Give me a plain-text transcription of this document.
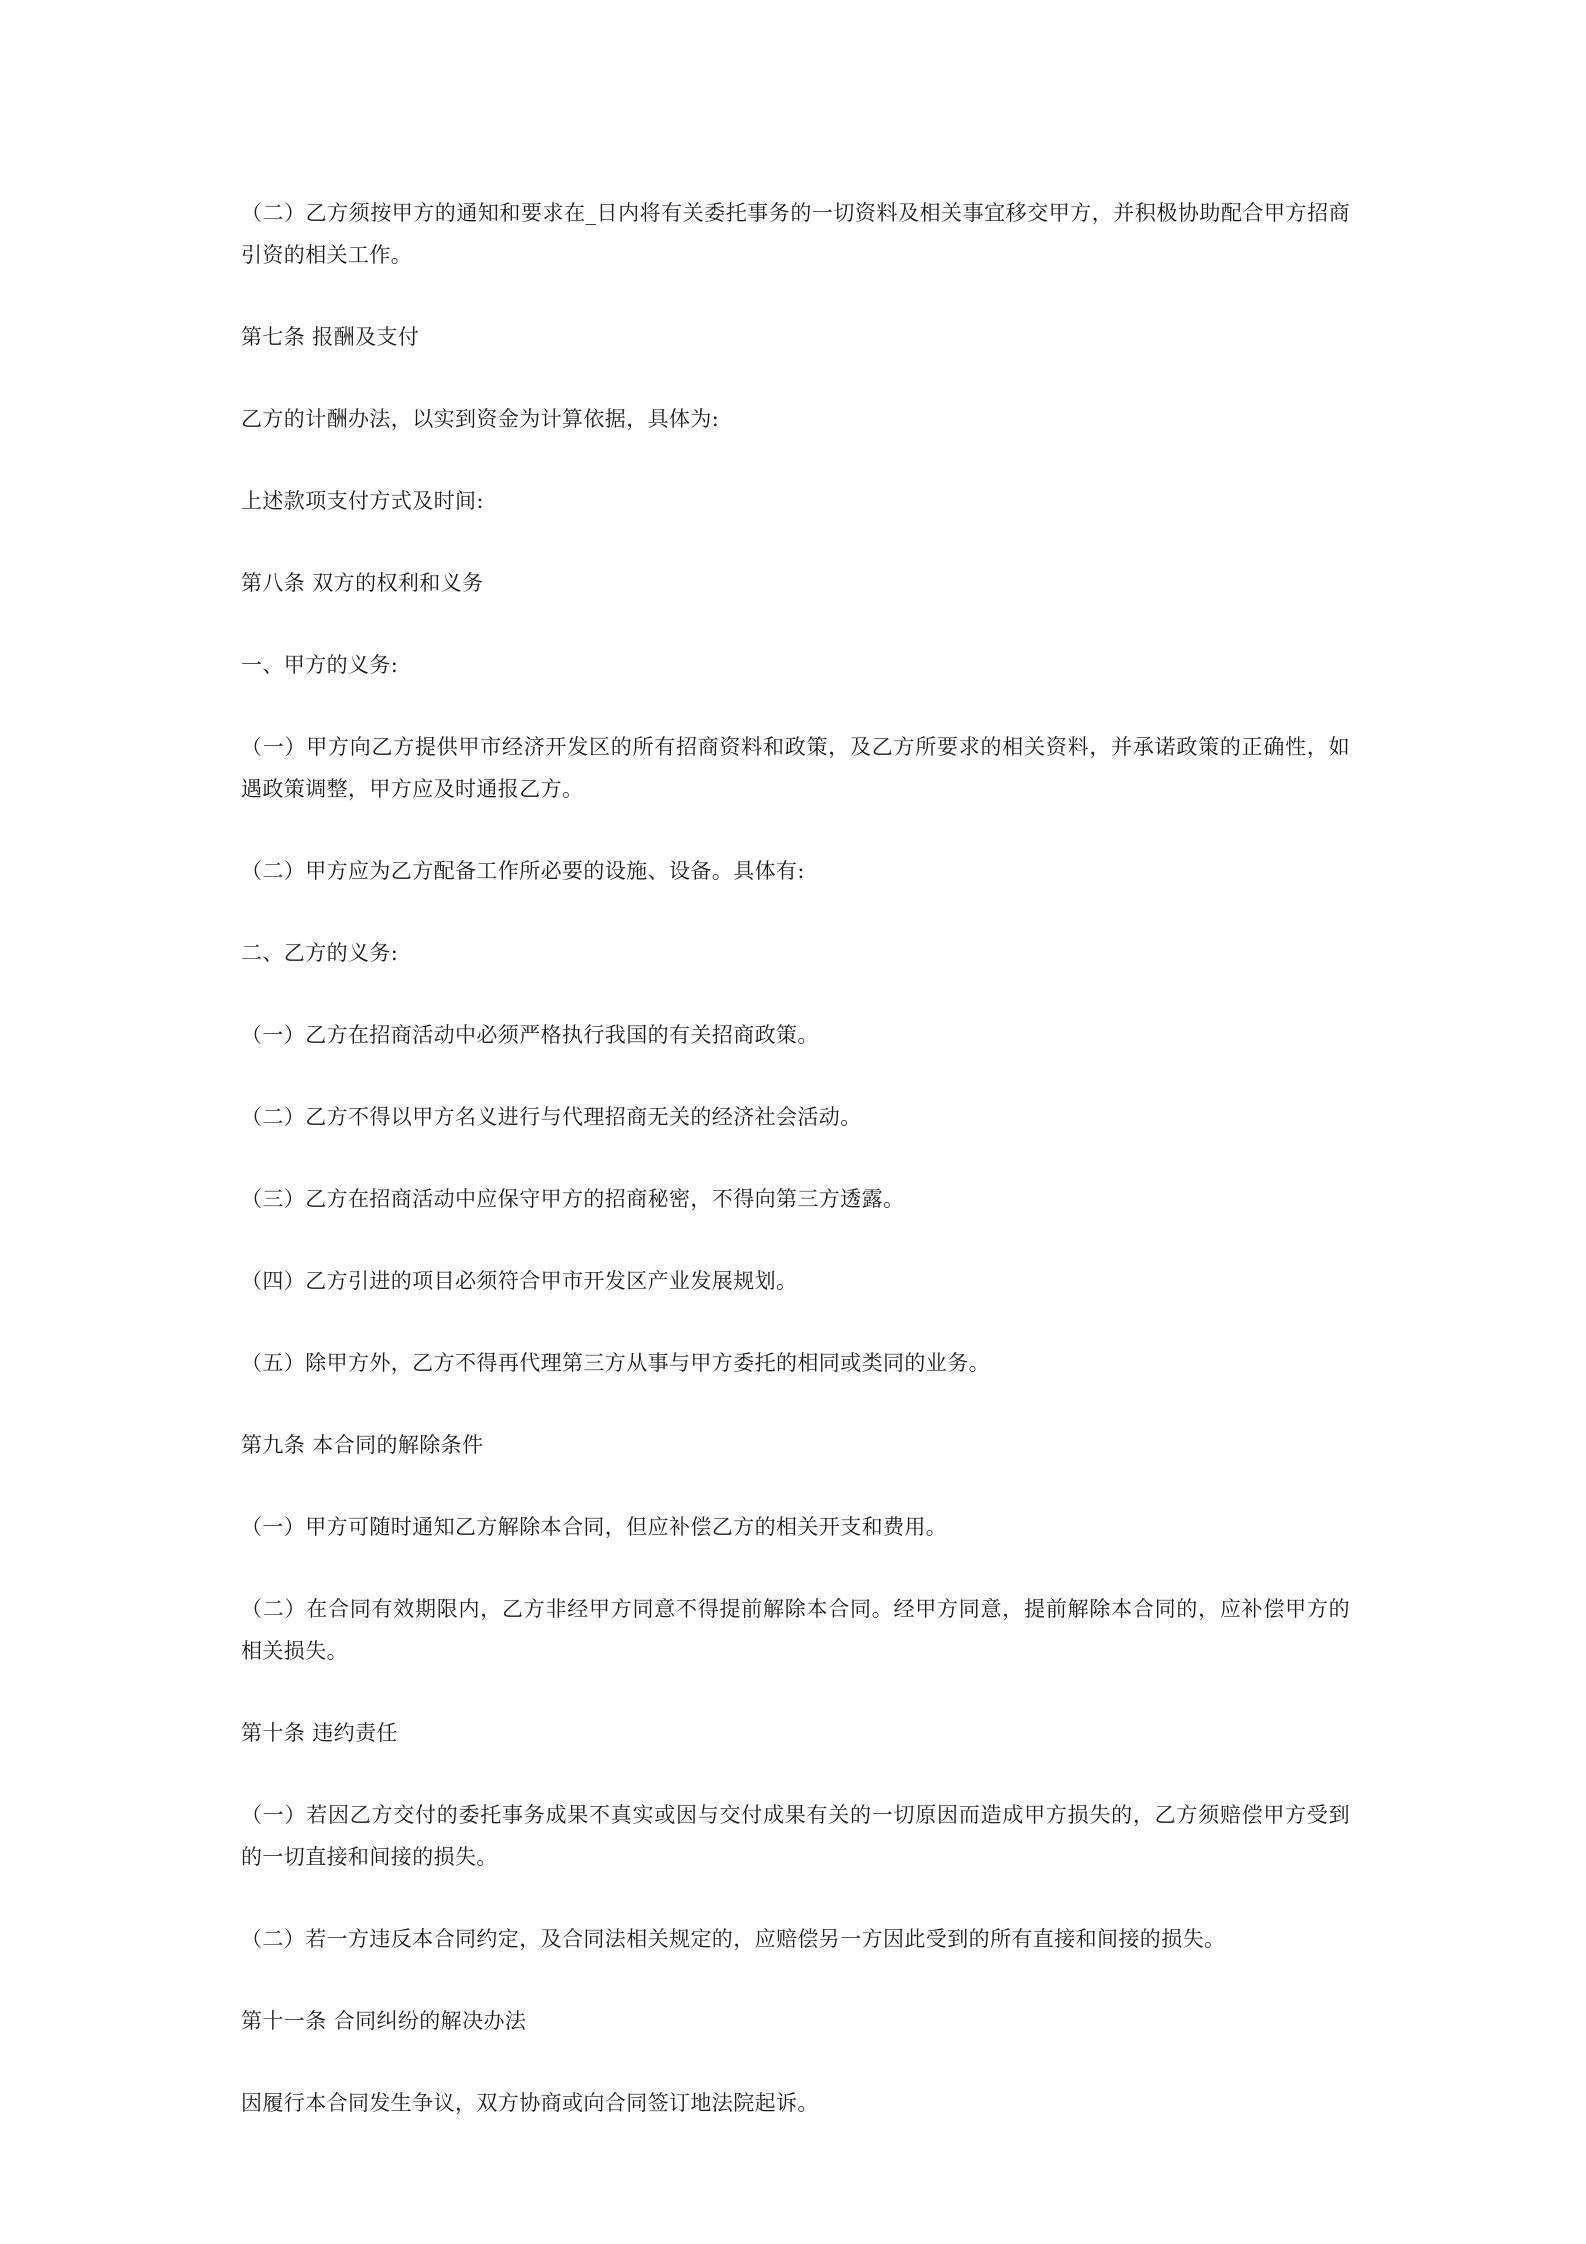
（二）乙方须按甲方的通知和要求在_日内将有关委托事务的一切资料及相关事宜移交甲方，并积极协助配合甲方招商引资的相关工作。

第七条 报酬及支付

乙方的计酬办法，以实到资金为计算依据，具体为:

上述款项支付方式及时间:

第八条 双方的权利和义务

一、甲方的义务:

（一）甲方向乙方提供甲市经济开发区的所有招商资料和政策，及乙方所要求的相关资料，并承诺政策的正确性，如遇政策调整，甲方应及时通报乙方。

（二）甲方应为乙方配备工作所必要的设施、设备。具体有:

二、乙方的义务:

（一）乙方在招商活动中必须严格执行我国的有关招商政策。

（二）乙方不得以甲方名义进行与代理招商无关的经济社会活动。

（三）乙方在招商活动中应保守甲方的招商秘密，不得向第三方透露。

（四）乙方引进的项目必须符合甲市开发区产业发展规划。

（五）除甲方外，乙方不得再代理第三方从事与甲方委托的相同或类同的业务。

第九条 本合同的解除条件

（一）甲方可随时通知乙方解除本合同，但应补偿乙方的相关开支和费用。

（二）在合同有效期限内，乙方非经甲方同意不得提前解除本合同。经甲方同意，提前解除本合同的，应补偿甲方的相关损失。

第十条 违约责任

（一）若因乙方交付的委托事务成果不真实或因与交付成果有关的一切原因而造成甲方损失的，乙方须赔偿甲方受到的一切直接和间接的损失。

（二）若一方违反本合同约定，及合同法相关规定的，应赔偿另一方因此受到的所有直接和间接的损失。

第十一条 合同纠纷的解决办法

因履行本合同发生争议，双方协商或向合同签订地法院起诉。
